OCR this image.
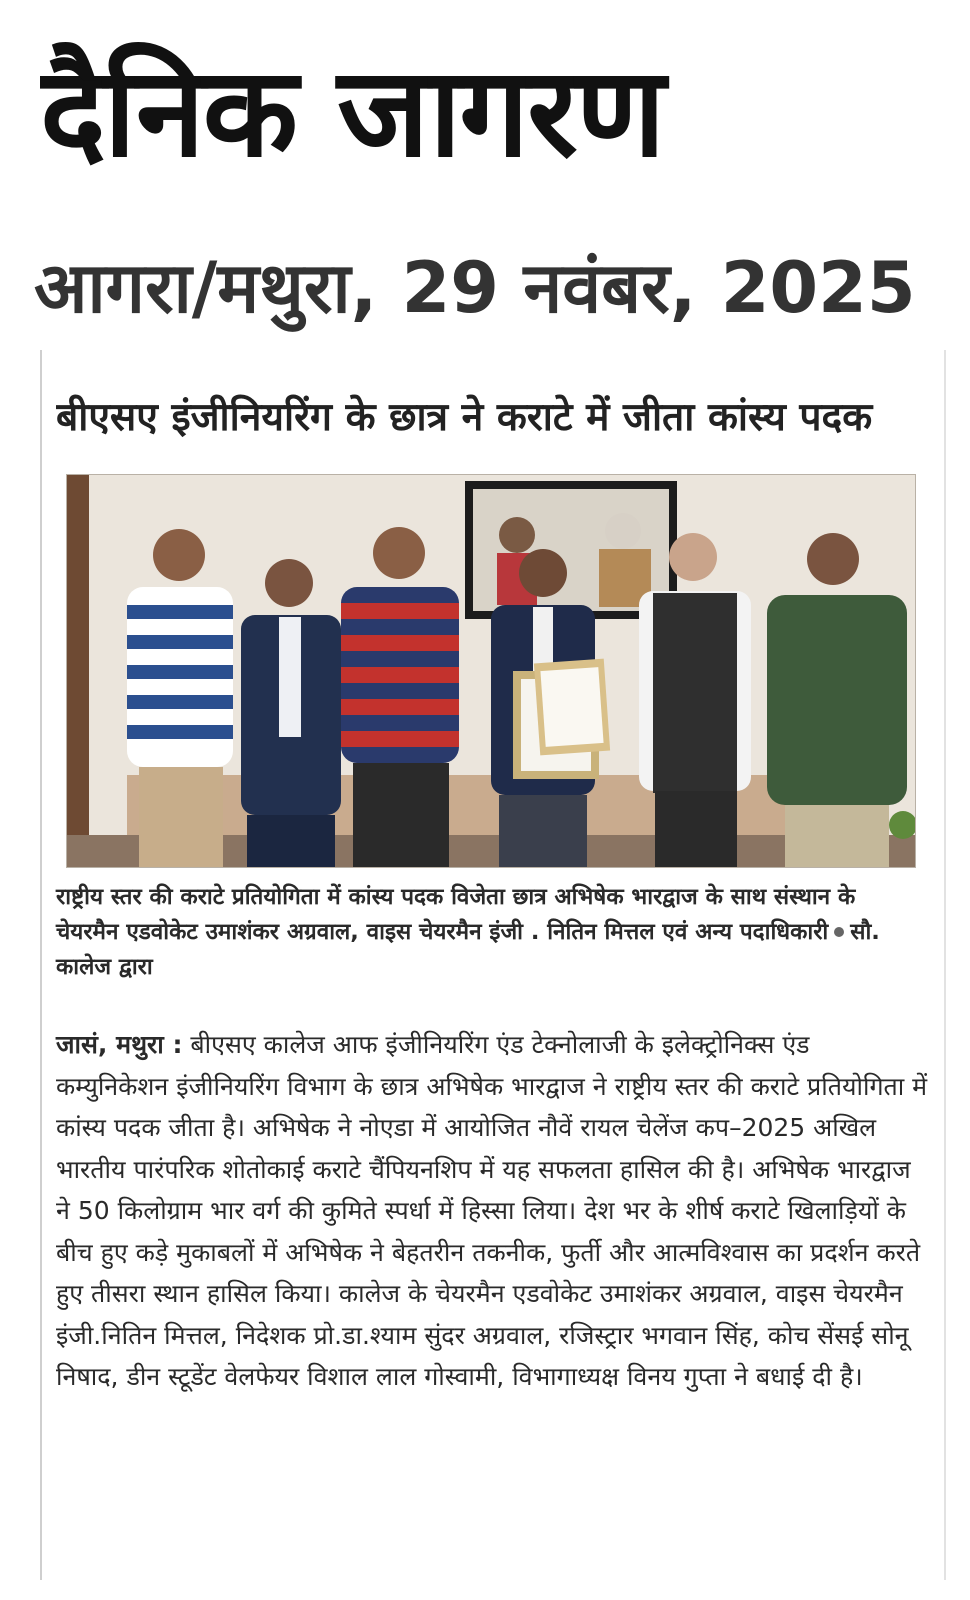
दैनिक जागरण
आगरा/मथुरा, 29 नवंबर, 2025
बीएसए इंजीनियरिंग के छात्र ने कराटे में जीता कांस्य पदक
राष्ट्रीय स्तर की कराटे प्रतियोगिता में कांस्य पदक विजेता छात्र अभिषेक भारद्वाज के साथ संस्थान के चेयरमैन एडवोकेट उमाशंकर अग्रवाल, वाइस चेयरमैन इंजी . नितिन मित्तल एवं अन्य पदाधिकारी सौ. कालेज द्वारा
जासं, मथुरा : बीएसए कालेज आफ इंजीनियरिंग एंड टेक्नोलाजी के इलेक्ट्रोनिक्स एंड कम्युनिकेशन इंजीनियरिंग विभाग के छात्र अभिषेक भारद्वाज ने राष्ट्रीय स्तर की कराटे प्रतियोगिता में कांस्य पदक जीता है। अभिषेक ने नोएडा में आयोजित नौवें रायल चेलेंज कप–2025 अखिल भारतीय पारंपरिक शोतोकाई कराटे चैंपियनशिप में यह सफलता हासिल की है। अभिषेक भारद्वाज ने 50 किलोग्राम भार वर्ग की कुमिते स्पर्धा में हिस्सा लिया। देश भर के शीर्ष कराटे खिलाड़ियों के बीच हुए कड़े मुकाबलों में अभिषेक ने बेहतरीन तकनीक, फुर्ती और आत्मविश्वास का प्रदर्शन करते हुए तीसरा स्थान हासिल किया। कालेज के चेयरमैन एडवोकेट उमाशंकर अग्रवाल, वाइस चेयरमैन इंजी.नितिन मित्तल, निदेशक प्रो.डा.श्याम सुंदर अग्रवाल, रजिस्ट्रार भगवान सिंह, कोच सेंसई सोनू निषाद, डीन स्टूडेंट वेलफेयर विशाल लाल गोस्वामी, विभागाध्यक्ष विनय गुप्ता ने बधाई दी है।
